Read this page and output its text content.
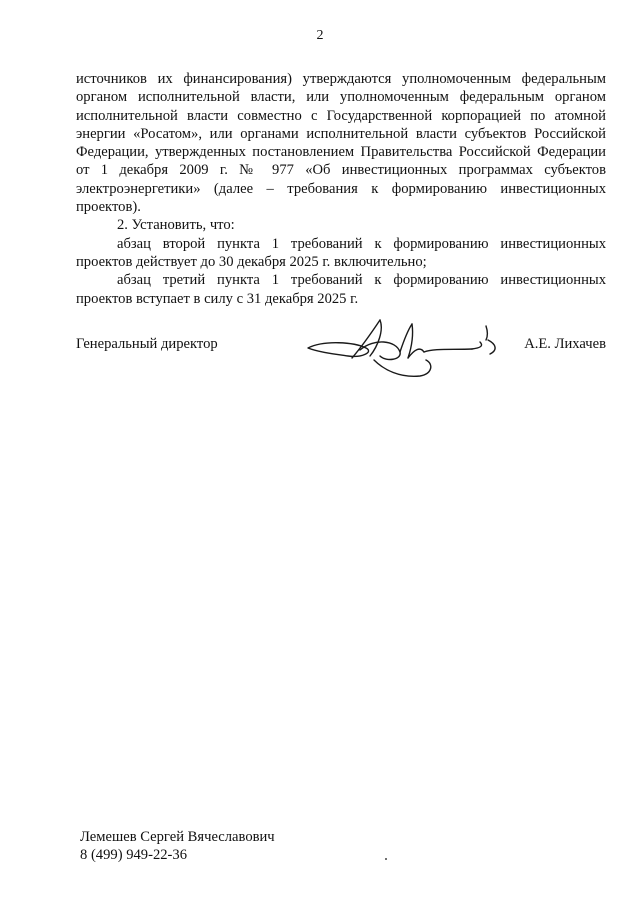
2

источников их финансирования) утверждаются уполномоченным федеральным органом исполнительной власти, или уполномоченным федеральным органом исполнительной власти совместно с Государственной корпорацией по атомной энергии «Росатом», или органами исполнительной власти субъектов Российской Федерации, утвержденных постановлением Правительства Российской Федерации от 1 декабря 2009 г. № 977 «Об инвестиционных программах субъектов электроэнергетики» (далее – требования к формированию инвестиционных проектов).

2. Установить, что:

абзац второй пункта 1 требований к формированию инвестиционных проектов действует до 30 декабря 2025 г. включительно;

абзац третий пункта 1 требований к формированию инвестиционных проектов вступает в силу с 31 декабря 2025 г.

Генеральный директор	А.Е. Лихачев
Лемешев Сергей Вячеславович
8 (499) 949-22-36
